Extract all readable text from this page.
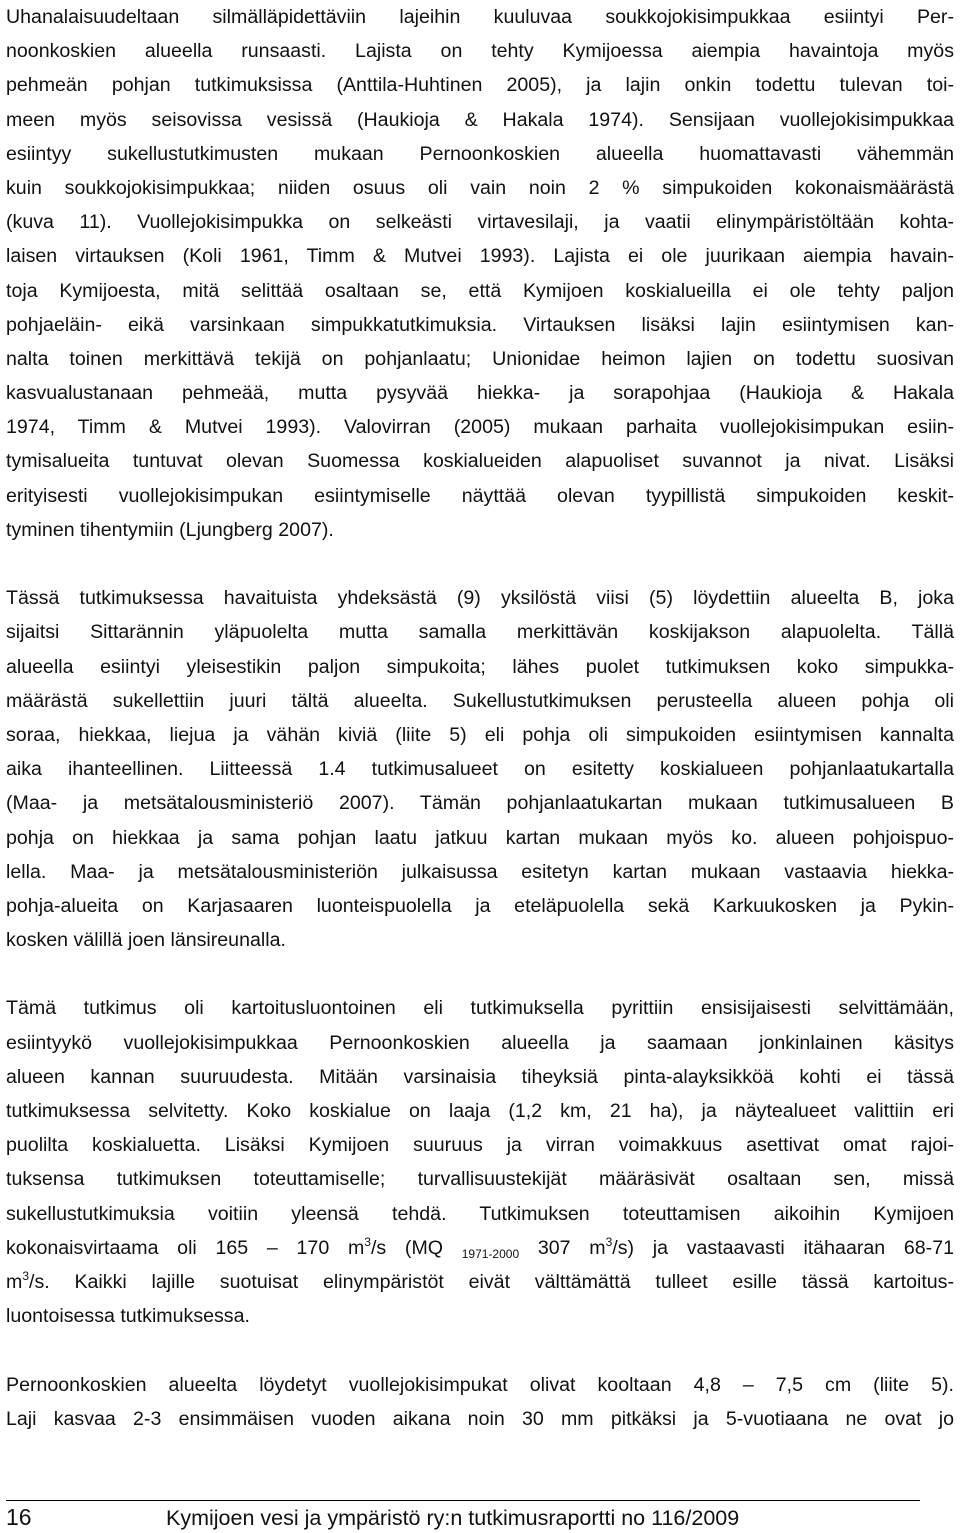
Uhanalaisuudeltaan silmälläpidettäviin lajeihin kuuluvaa soukkojokisimpukkaa esiintyi Per-
noonkoskien alueella runsaasti. Lajista on tehty Kymijoessa aiempia havaintoja myös
pehmeän pohjan tutkimuksissa (Anttila-Huhtinen 2005), ja lajin onkin todettu tulevan toi-
meen myös seisovissa vesissä (Haukioja & Hakala 1974). Sensijaan vuollejokisimpukkaa
esiintyy sukellustutkimusten mukaan Pernoonkoskien alueella huomattavasti vähemmän
kuin soukkojokisimpukkaa; niiden osuus oli vain noin 2 % simpukoiden kokonaismäärästä
(kuva 11). Vuollejokisimpukka on selkeästi virtavesilaji, ja vaatii elinympäristöltään kohta-
laisen virtauksen (Koli 1961, Timm & Mutvei 1993). Lajista ei ole juurikaan aiempia havain-
toja Kymijoesta, mitä selittää osaltaan se, että Kymijoen koskialueilla ei ole tehty paljon
pohjaeläin- eikä varsinkaan simpukkatutkimuksia. Virtauksen lisäksi lajin esiintymisen kan-
nalta toinen merkittävä tekijä on pohjanlaatu; Unionidae heimon lajien on todettu suosivan
kasvualustanaan pehmeää, mutta pysyvää hiekka- ja sorapohjaa (Haukioja & Hakala
1974, Timm & Mutvei 1993). Valovirran (2005) mukaan parhaita vuollejokisimpukan esiin-
tymisalueita tuntuvat olevan Suomessa koskialueiden alapuoliset suvannot ja nivat. Lisäksi
erityisesti vuollejokisimpukan esiintymiselle näyttää olevan tyypillistä simpukoiden keskit-
tyminen tihentymiin (Ljungberg 2007).
Tässä tutkimuksessa havaituista yhdeksästä (9) yksilöstä viisi (5) löydettiin alueelta B, joka
sijaitsi Sittarännin yläpuolelta mutta samalla merkittävän koskijakson alapuolelta. Tällä
alueella esiintyi yleisestikin paljon simpukoita; lähes puolet tutkimuksen koko simpukka-
määrästä sukellettiin juuri tältä alueelta. Sukellustutkimuksen perusteella alueen pohja oli
soraa, hiekkaa, liejua ja vähän kiviä (liite 5) eli pohja oli simpukoiden esiintymisen kannalta
aika ihanteellinen. Liitteessä 1.4 tutkimusalueet on esitetty koskialueen pohjanlaatukartalla
(Maa- ja metsätalousministeriö 2007). Tämän pohjanlaatukartan mukaan tutkimusalueen B
pohja on hiekkaa ja sama pohjan laatu jatkuu kartan mukaan myös ko. alueen pohjoispuo-
lella. Maa- ja metsätalousministeriön julkaisussa esitetyn kartan mukaan vastaavia hiekka-
pohja-alueita on Karjasaaren luonteispuolella ja eteläpuolella sekä Karkuukosken ja Pykin-
kosken välillä joen länsireunalla.
Tämä tutkimus oli kartoitusluontoinen eli tutkimuksella pyrittiin ensisijaisesti selvittämään,
esiintyykö vuollejokisimpukkaa Pernoonkoskien alueella ja saamaan jonkinlainen käsitys
alueen kannan suuruudesta. Mitään varsinaisia tiheyksiä pinta-alayksikköä kohti ei tässä
tutkimuksessa selvitetty. Koko koskialue on laaja (1,2 km, 21 ha), ja näytealueet valittiin eri
puolilta koskialuetta. Lisäksi Kymijoen suuruus ja virran voimakkuus asettivat omat rajoi-
tuksensa tutkimuksen toteuttamiselle; turvallisuustekijät määräsivät osaltaan sen, missä
sukellustutkimuksia voitiin yleensä tehdä. Tutkimuksen toteuttamisen aikoihin Kymijoen
kokonaisvirtaama oli 165 – 170 $m^3/s$ (MQ $_{1971-2000}$ 307 $m^3/s$) ja vastaavasti itähaaran 68-71
$m^3/s$. Kaikki lajille suotuisat elinympäristöt eivät välttämättä tulleet esille tässä kartoitus-
luontoisessa tutkimuksessa.
Pernoonkoskien alueelta löydetyt vuollejokisimpukat olivat kooltaan 4,8 – 7,5 cm (liite 5).
Laji kasvaa 2-3 ensimmäisen vuoden aikana noin 30 mm pitkäksi ja 5-vuotiaana ne ovat jo
16	Kymijoen vesi ja ympäristö ry:n tutkimusraportti no 116/2009
